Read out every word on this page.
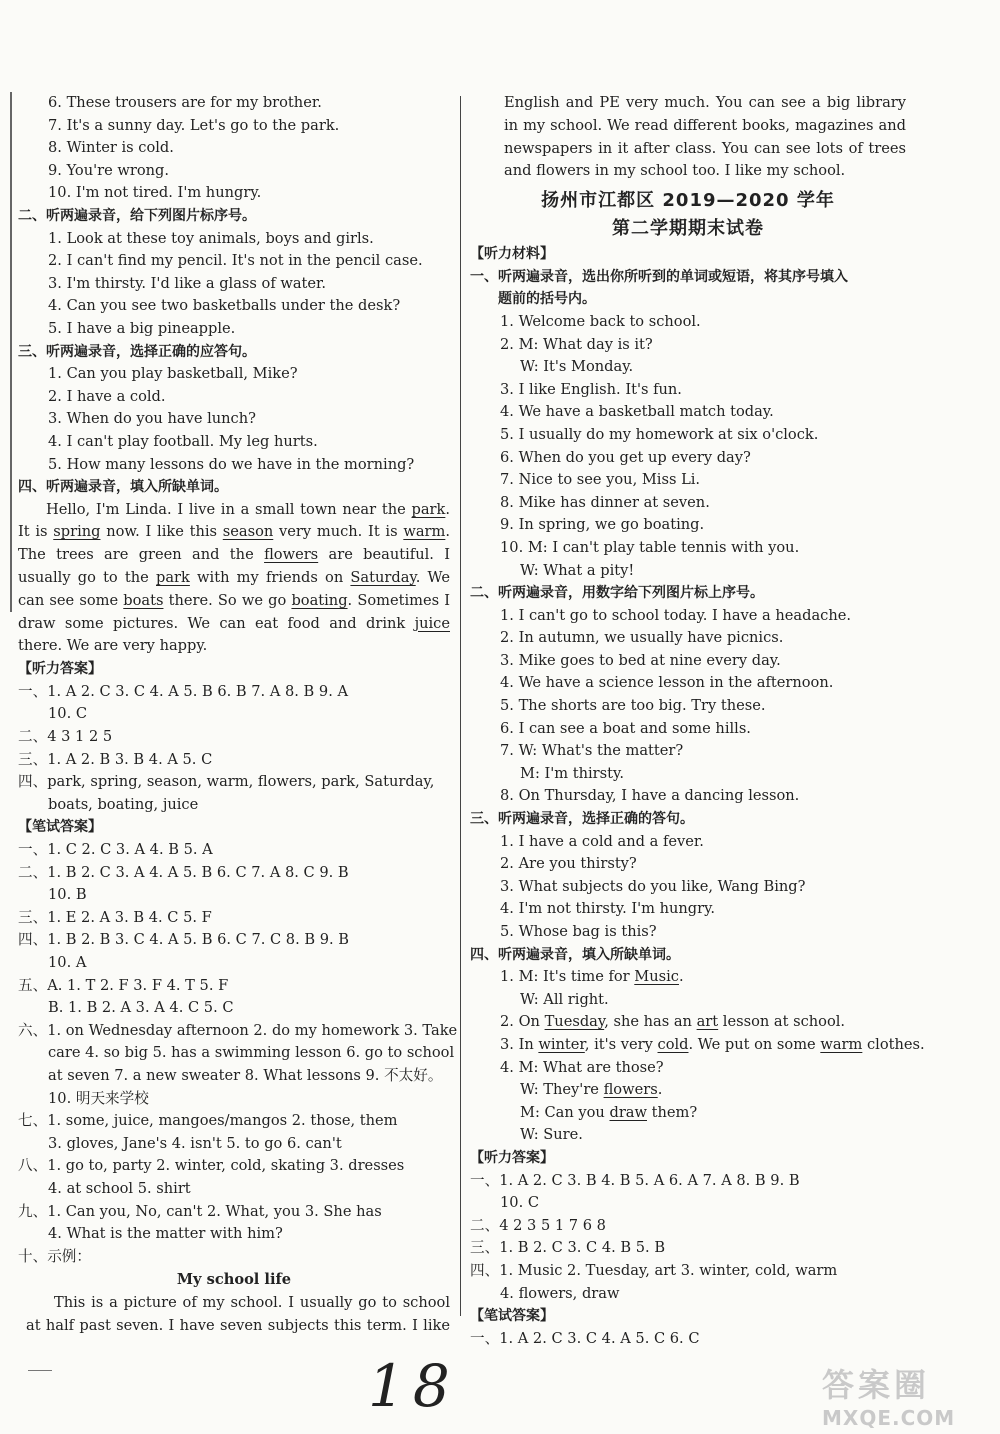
6. These trousers are for my brother.
7. It's a sunny day. Let's go to the park.
8. Winter is cold.
9. You're wrong.
10. I'm not tired. I'm hungry.
二、听两遍录音，给下列图片标序号。
1. Look at these toy animals, boys and girls.
2. I can't find my pencil. It's not in the pencil case.
3. I'm thirsty. I'd like a glass of water.
4. Can you see two basketballs under the desk?
5. I have a big pineapple.
三、听两遍录音，选择正确的应答句。
1. Can you play basketball, Mike?
2. I have a cold.
3. When do you have lunch?
4. I can't play football. My leg hurts.
5. How many lessons do we have in the morning?
四、听两遍录音，填入所缺单词。
Hello, I'm Linda. I live in a small town near the park. It is spring now. I like this season very much. It is warm. The trees are green and the flowers are beautiful. I usually go to the park with my friends on Saturday. We can see some boats there. So we go boating. Sometimes I draw some pictures. We can eat food and drink juice there. We are very happy.
【听力答案】
一、1. A 2. C 3. C 4. A 5. B 6. B 7. A 8. B 9. A
10. C
二、4 3 1 2 5
三、1. A 2. B 3. B 4. A 5. C
四、park, spring, season, warm, flowers, park, Saturday,
boats, boating, juice
【笔试答案】
一、1. C 2. C 3. A 4. B 5. A
二、1. B 2. C 3. A 4. A 5. B 6. C 7. A 8. C 9. B
10. B
三、1. E 2. A 3. B 4. C 5. F
四、1. B 2. B 3. C 4. A 5. B 6. C 7. C 8. B 9. B
10. A
五、A. 1. T 2. F 3. F 4. T 5. F
B. 1. B 2. A 3. A 4. C 5. C
六、1. on Wednesday afternoon 2. do my homework 3. Take
care 4. so big 5. has a swimming lesson 6. go to school
at seven 7. a new sweater 8. What lessons 9. 不太好。
10. 明天来学校
七、1. some, juice, mangoes/mangos 2. those, them
3. gloves, Jane's 4. isn't 5. to go 6. can't
八、1. go to, party 2. winter, cold, skating 3. dresses
4. at school 5. shirt
九、1. Can you, No, can't 2. What, you 3. She has
4. What is the matter with him?
十、示例：
My school life
This is a picture of my school. I usually go to school at half past seven. I have seven subjects this term. I like
English and PE very much. You can see a big library in my school. We read different books, magazines and newspapers in it after class. You can see lots of trees and flowers in my school too. I like my school.
扬州市江都区 2019—2020 学年
第二学期期末试卷
【听力材料】
一、听两遍录音，选出你所听到的单词或短语，将其序号填入
题前的括号内。
1. Welcome back to school.
2. M: What day is it?
W: It's Monday.
3. I like English. It's fun.
4. We have a basketball match today.
5. I usually do my homework at six o'clock.
6. When do you get up every day?
7. Nice to see you, Miss Li.
8. Mike has dinner at seven.
9. In spring, we go boating.
10. M: I can't play table tennis with you.
W: What a pity!
二、听两遍录音，用数字给下列图片标上序号。
1. I can't go to school today. I have a headache.
2. In autumn, we usually have picnics.
3. Mike goes to bed at nine every day.
4. We have a science lesson in the afternoon.
5. The shorts are too big. Try these.
6. I can see a boat and some hills.
7. W: What's the matter?
M: I'm thirsty.
8. On Thursday, I have a dancing lesson.
三、听两遍录音，选择正确的答句。
1. I have a cold and a fever.
2. Are you thirsty?
3. What subjects do you like, Wang Bing?
4. I'm not thirsty. I'm hungry.
5. Whose bag is this?
四、听两遍录音，填入所缺单词。
1. M: It's time for Music.
W: All right.
2. On Tuesday, she has an art lesson at school.
3. In winter, it's very cold. We put on some warm clothes.
4. M: What are those?
W: They're flowers.
M: Can you draw them?
W: Sure.
【听力答案】
一、1. A 2. C 3. B 4. B 5. A 6. A 7. A 8. B 9. B
10. C
二、4 2 3 5 1 7 6 8
三、1. B 2. C 3. C 4. B 5. B
四、1. Music 2. Tuesday, art 3. winter, cold, warm
4. flowers, draw
【笔试答案】
一、1. A 2. C 3. C 4. A 5. C 6. C
18	答案圈
MXQE.COM
